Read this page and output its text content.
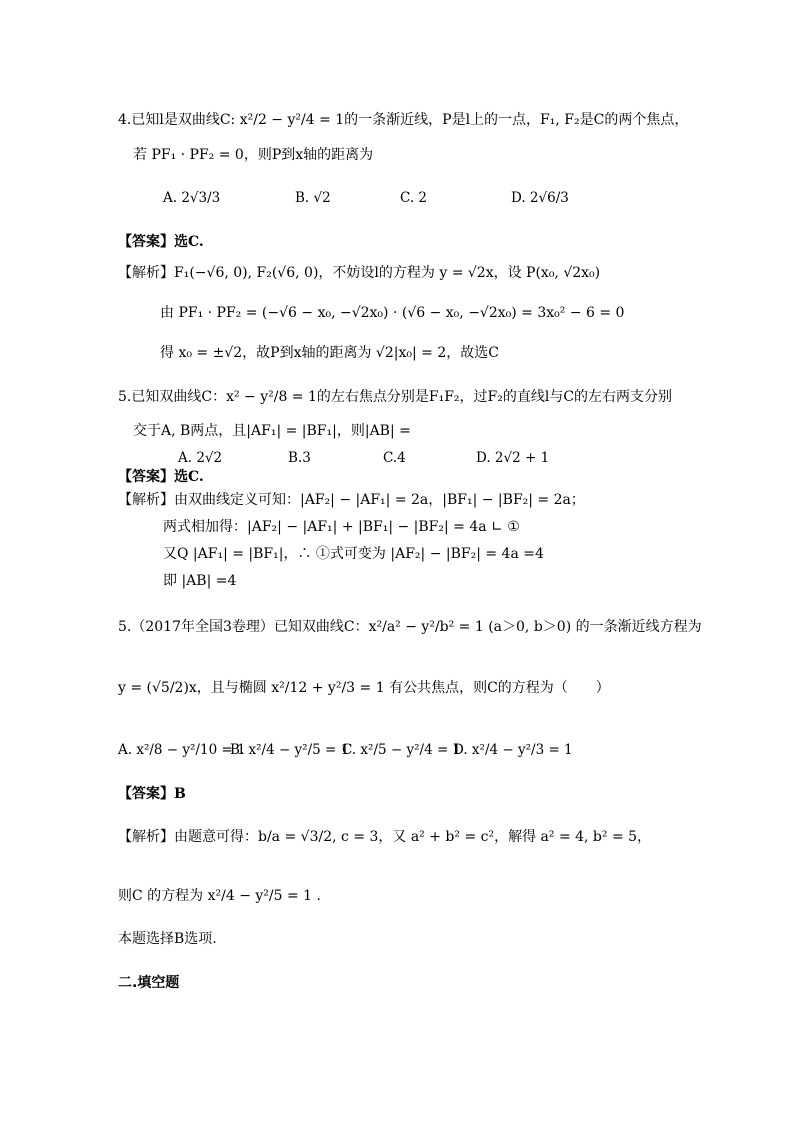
4.已知l是双曲线C: x²/2 − y²/4 = 1的一条渐近线，P是l上的一点，F₁, F₂是C的两个焦点，
若 PF₁ · PF₂ = 0，则P到x轴的距离为
A. 2√3/3	B. √2	C. 2	D. 2√6/3
【答案】选C.
【解析】F₁(−√6, 0), F₂(√6, 0)，不妨设l的方程为 y = √2x，设 P(x₀, √2x₀)
由 PF₁ · PF₂ = (−√6 − x₀, −√2x₀) · (√6 − x₀, −√2x₀) = 3x₀² − 6 = 0
得 x₀ = ±√2，故P到x轴的距离为 √2|x₀| = 2，故选C
5.已知双曲线C：x² − y²/8 = 1的左右焦点分别是F₁F₂，过F₂的直线l与C的左右两支分别
交于A, B两点，且|AF₁| = |BF₁|，则|AB| =
A. 2√2	B.3	C.4	D. 2√2 + 1
【答案】选C.
【解析】由双曲线定义可知：|AF₂| − |AF₁| = 2a，|BF₁| − |BF₂| = 2a；
两式相加得：|AF₂| − |AF₁| + |BF₁| − |BF₂| = 4a ∟ ①
又Q |AF₁| = |BF₁|，∴ ①式可变为 |AF₂| − |BF₂| = 4a =4
即 |AB| =4
5.（2017年全国3卷理）已知双曲线C：x²/a² − y²/b² = 1 (a＞0, b＞0) 的一条渐近线方程为
y = (√5/2)x，且与椭圆 x²/12 + y²/3 = 1 有公共焦点，则C的方程为（　　）
A. x²/8 − y²/10 = 1
B. x²/4 − y²/5 = 1
C. x²/5 − y²/4 = 1
D. x²/4 − y²/3 = 1
【答案】B
【解析】由题意可得：b/a = √3/2, c = 3，又 a² + b² = c²，解得 a² = 4, b² = 5，
则C 的方程为 x²/4 − y²/5 = 1 .
本题选择B选项.
二.填空题
